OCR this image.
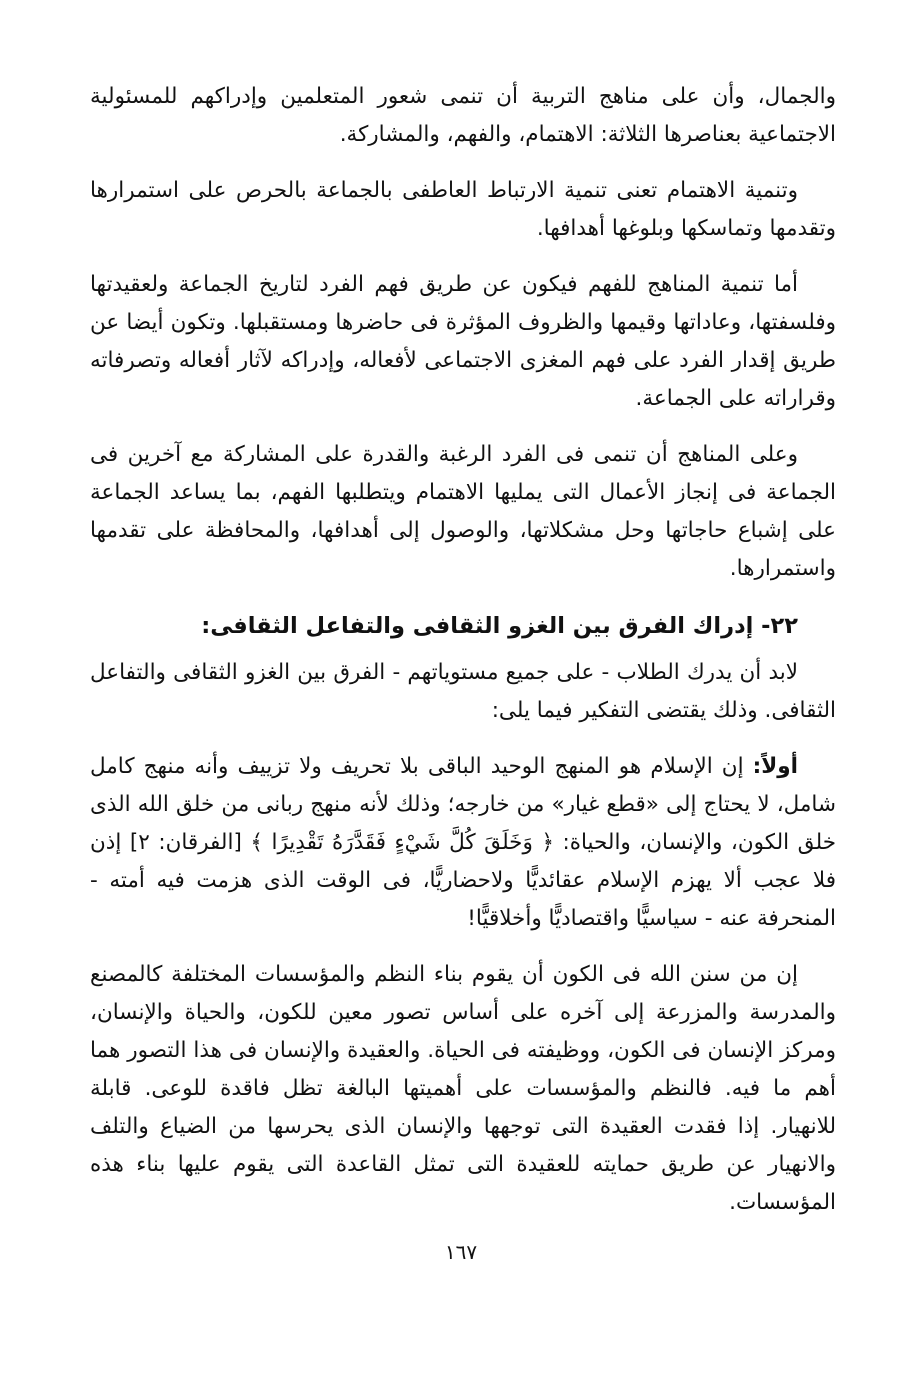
والجمال، وأن على مناهج التربية أن تنمى شعور المتعلمين وإدراكهم للمسئولية الاجتماعية بعناصرها الثلاثة: الاهتمام، والفهم، والمشاركة.

وتنمية الاهتمام تعنى تنمية الارتباط العاطفى بالجماعة بالحرص على استمرارها وتقدمها وتماسكها وبلوغها أهدافها.

أما تنمية المناهج للفهم فيكون عن طريق فهم الفرد لتاريخ الجماعة ولعقيدتها وفلسفتها، وعاداتها وقيمها والظروف المؤثرة فى حاضرها ومستقبلها. وتكون أيضا عن طريق إقدار الفرد على فهم المغزى الاجتماعى لأفعاله، وإدراكه لآثار أفعاله وتصرفاته وقراراته على الجماعة.

وعلى المناهج أن تنمى فى الفرد الرغبة والقدرة على المشاركة مع آخرين فى الجماعة فى إنجاز الأعمال التى يمليها الاهتمام ويتطلبها الفهم، بما يساعد الجماعة على إشباع حاجاتها وحل مشكلاتها، والوصول إلى أهدافها، والمحافظة على تقدمها واستمرارها.

٢٢- إدراك الفرق بين الغزو الثقافى والتفاعل الثقافى:

لابد أن يدرك الطلاب - على جميع مستوياتهم - الفرق بين الغزو الثقافى والتفاعل الثقافى. وذلك يقتضى التفكير فيما يلى:

أولاً: إن الإسلام هو المنهج الوحيد الباقى بلا تحريف ولا تزييف وأنه منهج كامل شامل، لا يحتاج إلى «قطع غيار» من خارجه؛ وذلك لأنه منهج ربانى من خلق الله الذى خلق الكون، والإنسان، والحياة: ﴿ وَخَلَقَ كُلَّ شَيْءٍ فَقَدَّرَهُ تَقْدِيرًا ﴾ [الفرقان: ٢] إذن فلا عجب ألا يهزم الإسلام عقائديًّا ولاحضاريًّا، فى الوقت الذى هزمت فيه أمته - المنحرفة عنه - سياسيًّا واقتصاديًّا وأخلاقيًّا!

إن من سنن الله فى الكون أن يقوم بناء النظم والمؤسسات المختلفة كالمصنع والمدرسة والمزرعة إلى آخره على أساس تصور معين للكون، والحياة والإنسان، ومركز الإنسان فى الكون، ووظيفته فى الحياة. والعقيدة والإنسان فى هذا التصور هما أهم ما فيه. فالنظم والمؤسسات على أهميتها البالغة تظل فاقدة للوعى. قابلة للانهيار. إذا فقدت العقيدة التى توجهها والإنسان الذى يحرسها من الضياع والتلف والانهيار عن طريق حمايته للعقيدة التى تمثل القاعدة التى يقوم عليها بناء هذه المؤسسات.

١٦٧
